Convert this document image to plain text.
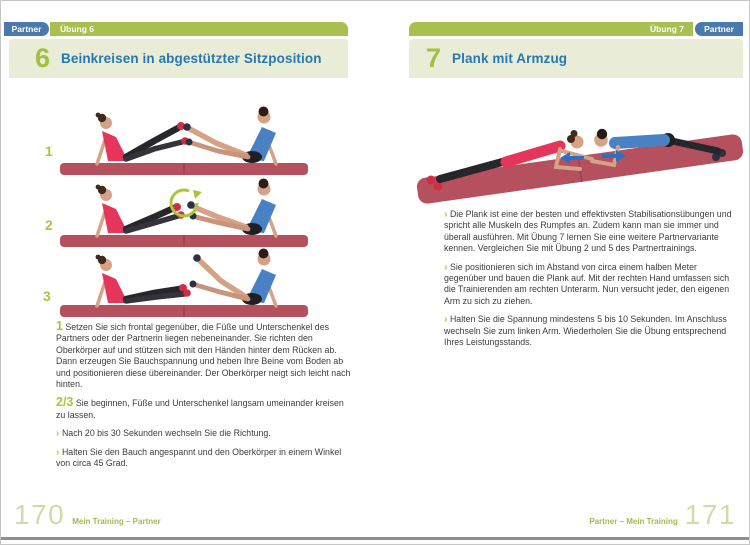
Partner	Übung 6
6 Beinkreisen in abgestützter Sitzposition
1
2
3

1 Setzen Sie sich frontal gegenüber, die Füße und Unterschenkel des Partners oder der Partnerin liegen nebeneinander. Sie richten den Oberkörper auf und stützen sich mit den Händen hinter dem Rücken ab. Dann erzeugen Sie Bauchspannung und heben Ihre Beine vom Boden ab und positionieren diese übereinander. Der Oberkörper neigt sich leicht nach hinten.

2/3 Sie beginnen, Füße und Unterschenkel langsam umeinander kreisen zu lassen.

› Nach 20 bis 30 Sekunden wechseln Sie die Richtung.

› Halten Sie den Bauch angespannt und den Oberkörper in einem Winkel von circa 45 Grad.

170 Mein Training – Partner
Übung 7	Partner
7 Plank mit Armzug

› Die Plank ist eine der besten und effektivsten Stabilisationsübungen und spricht alle Muskeln des Rumpfes an. Zudem kann man sie immer und überall ausführen. Mit Übung 7 lernen Sie eine weitere Partnervariante kennen. Vergleichen Sie mit Übung 2 und 5 des Partnertrainings.

› Sie positionieren sich im Abstand von circa einem halben Meter gegenüber und bauen die Plank auf. Mit der rechten Hand umfassen sich die Trainierenden am rechten Unterarm. Nun versucht jeder, den eigenen Arm zu sich zu ziehen.

› Halten Sie die Spannung mindestens 5 bis 10 Sekunden. Im Anschluss wechseln Sie zum linken Arm. Wiederholen Sie die Übung entsprechend Ihres Leistungsstands.

Partner – Mein Training 171
